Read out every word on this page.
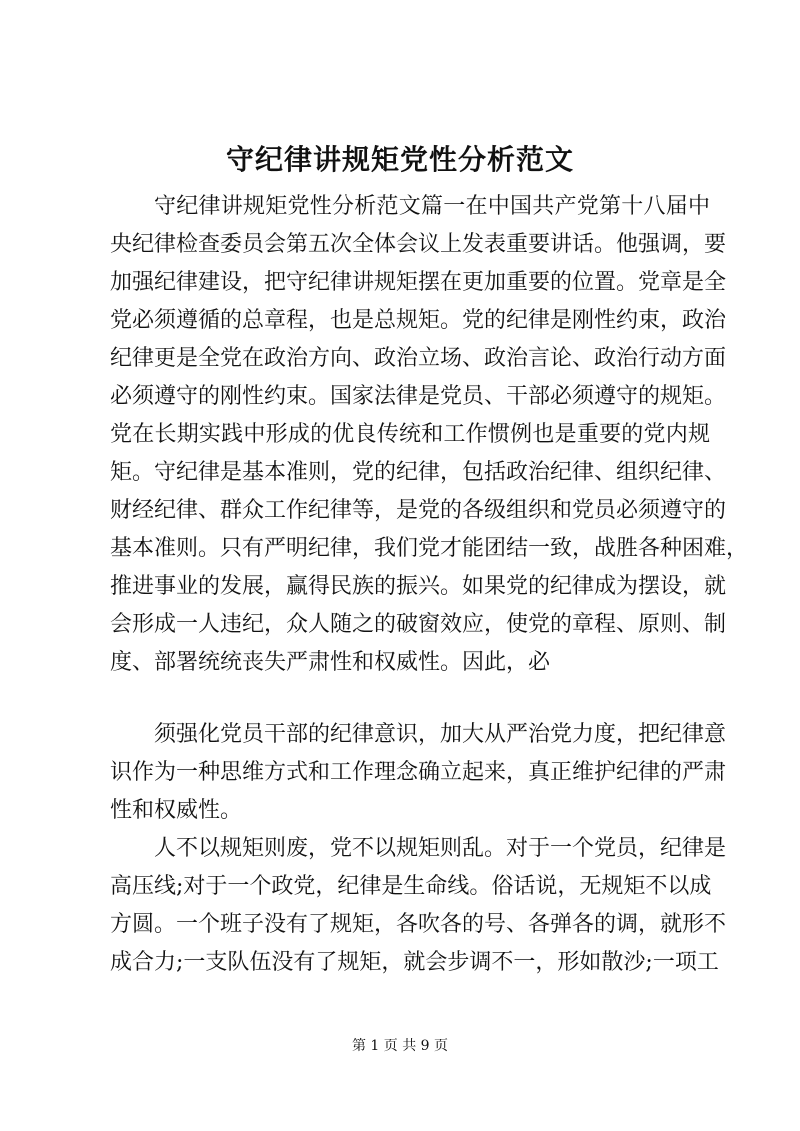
守纪律讲规矩党性分析范文
守纪律讲规矩党性分析范文篇一在中国共产党第十八届中
央纪律检查委员会第五次全体会议上发表重要讲话。他强调，要
加强纪律建设，把守纪律讲规矩摆在更加重要的位置。党章是全
党必须遵循的总章程，也是总规矩。党的纪律是刚性约束，政治
纪律更是全党在政治方向、政治立场、政治言论、政治行动方面
必须遵守的刚性约束。国家法律是党员、干部必须遵守的规矩。
党在长期实践中形成的优良传统和工作惯例也是重要的党内规
矩。守纪律是基本准则，党的纪律，包括政治纪律、组织纪律、
财经纪律、群众工作纪律等，是党的各级组织和党员必须遵守的
基本准则。只有严明纪律，我们党才能团结一致，战胜各种困难，
推进事业的发展，赢得民族的振兴。如果党的纪律成为摆设，就
会形成一人违纪，众人随之的破窗效应，使党的章程、原则、制
度、部署统统丧失严肃性和权威性。因此，必
须强化党员干部的纪律意识，加大从严治党力度，把纪律意
识作为一种思维方式和工作理念确立起来，真正维护纪律的严肃
性和权威性。
人不以规矩则废，党不以规矩则乱。对于一个党员，纪律是
高压线;对于一个政党，纪律是生命线。俗话说，无规矩不以成
方圆。一个班子没有了规矩，各吹各的号、各弹各的调，就形不
成合力;一支队伍没有了规矩，就会步调不一，形如散沙;一项工
第 1 页 共 9 页
